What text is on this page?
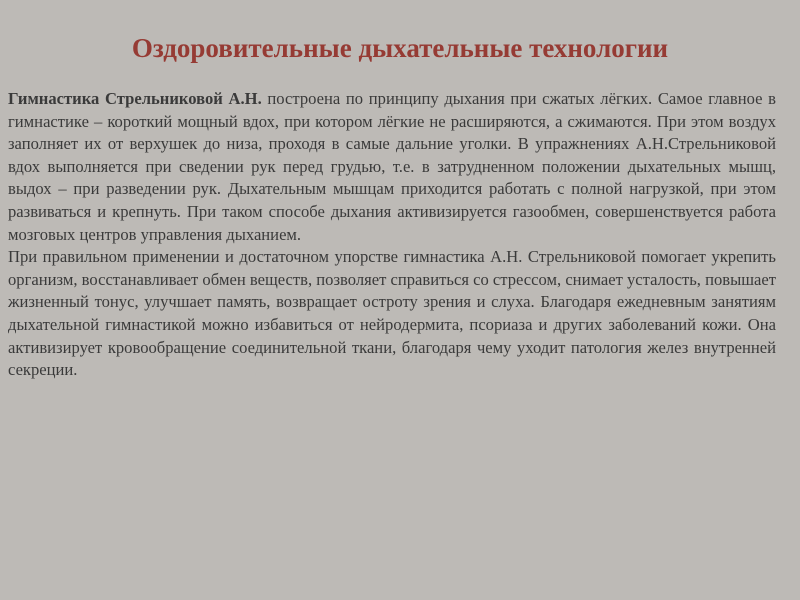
Оздоровительные дыхательные технологии

Гимнастика Стрельниковой А.Н. построена по принципу дыхания при сжатых лёгких. Самое главное в гимнастике – короткий мощный вдох, при котором лёгкие не расширяются, а сжимаются. При этом воздух заполняет их от верхушек до низа, проходя в самые дальние уголки. В упражнениях А.Н.Стрельниковой вдох выполняется при сведении рук перед грудью, т.е. в затрудненном положении дыхательных мышц, выдох – при разведении рук. Дыхательным мышцам приходится работать с полной нагрузкой, при этом развиваться и крепнуть. При таком способе дыхания активизируется газообмен, совершенствуется работа мозговых центров управления дыханием.

При правильном применении и достаточном упорстве гимнастика А.Н. Стрельниковой помогает укрепить организм, восстанавливает обмен веществ, позволяет справиться со стрессом, снимает усталость, повышает жизненный тонус, улучшает память, возвращает остроту зрения и слуха. Благодаря ежедневным занятиям дыхательной гимнастикой можно избавиться от нейродермита, псориаза и других заболеваний кожи. Она активизирует кровообращение соединительной ткани, благодаря чему уходит патология желез внутренней секреции.
